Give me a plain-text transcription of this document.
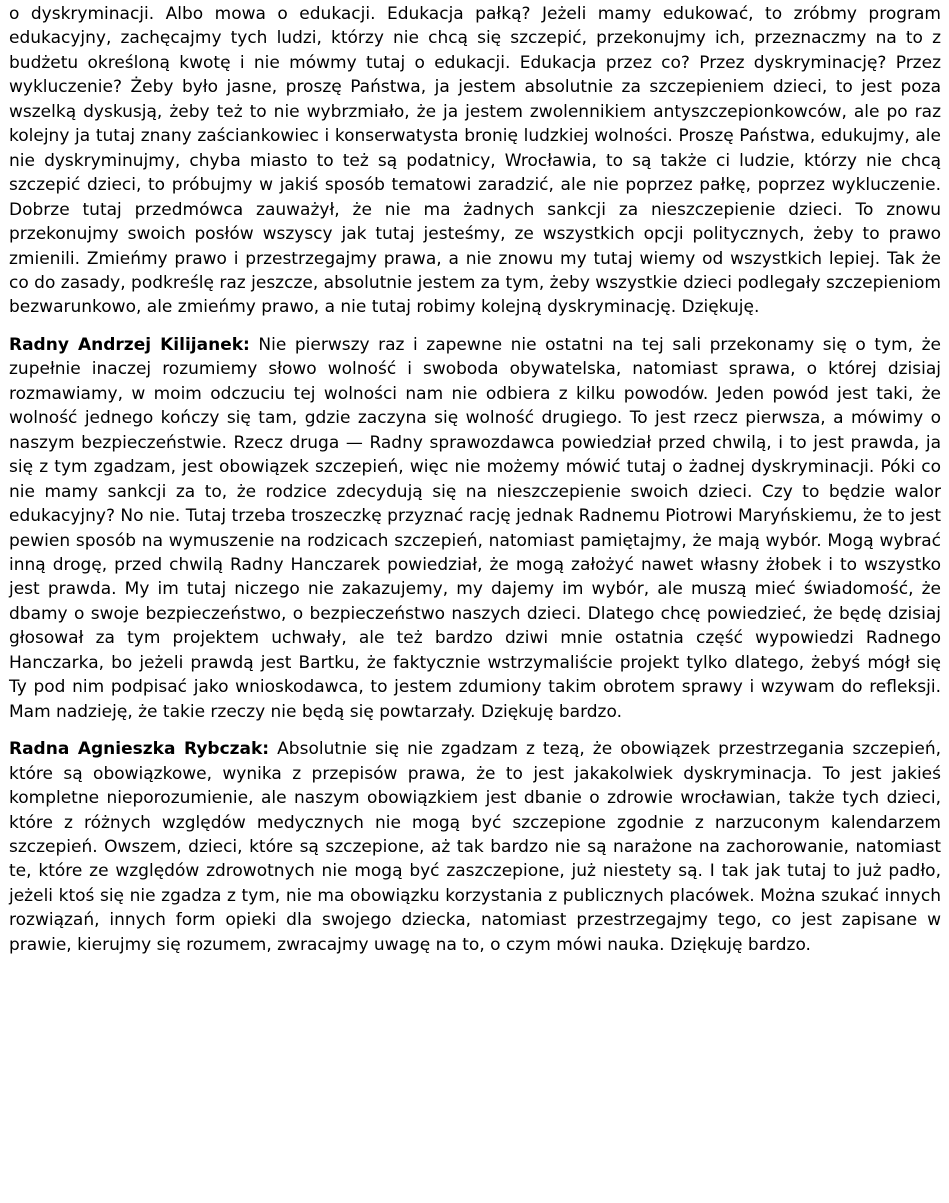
o dyskryminacji. Albo mowa o edukacji. Edukacja pałką? Jeżeli mamy edukować, to zróbmy program edukacyjny, zachęcajmy tych ludzi, którzy nie chcą się szczepić, przekonujmy ich, przeznaczmy na to z budżetu określoną kwotę i nie mówmy tutaj o edukacji. Edukacja przez co? Przez dyskryminację? Przez wykluczenie? Żeby było jasne, proszę Państwa, ja jestem absolutnie za szczepieniem dzieci, to jest poza wszelką dyskusją, żeby też to nie wybrzmiało, że ja jestem zwolennikiem antyszczepionkowców, ale po raz kolejny ja tutaj znany zaściankowiec i konserwatysta bronię ludzkiej wolności. Proszę Państwa, edukujmy, ale nie dyskryminujmy, chyba miasto to też są podatnicy, Wrocławia, to są także ci ludzie, którzy nie chcą szczepić dzieci, to próbujmy w jakiś sposób tematowi zaradzić, ale nie poprzez pałkę, poprzez wykluczenie. Dobrze tutaj przedmówca zauważył, że nie ma żadnych sankcji za nieszczepienie dzieci. To znowu przekonujmy swoich posłów wszyscy jak tutaj jesteśmy, ze wszystkich opcji politycznych, żeby to prawo zmienili. Zmieńmy prawo i przestrzegajmy prawa, a nie znowu my tutaj wiemy od wszystkich lepiej. Tak że co do zasady, podkreślę raz jeszcze, absolutnie jestem za tym, żeby wszystkie dzieci podlegały szczepieniom bezwarunkowo, ale zmieńmy prawo, a nie tutaj robimy kolejną dyskryminację. Dziękuję.

Radny Andrzej Kilijanek: Nie pierwszy raz i zapewne nie ostatni na tej sali przekonamy się o tym, że zupełnie inaczej rozumiemy słowo wolność i swoboda obywatelska, natomiast sprawa, o której dzisiaj rozmawiamy, w moim odczuciu tej wolności nam nie odbiera z kilku powodów. Jeden powód jest taki, że wolność jednego kończy się tam, gdzie zaczyna się wolność drugiego. To jest rzecz pierwsza, a mówimy o naszym bezpieczeństwie. Rzecz druga — Radny sprawozdawca powiedział przed chwilą, i to jest prawda, ja się z tym zgadzam, jest obowiązek szczepień, więc nie możemy mówić tutaj o żadnej dyskryminacji. Póki co nie mamy sankcji za to, że rodzice zdecydują się na nieszczepienie swoich dzieci. Czy to będzie walor edukacyjny? No nie. Tutaj trzeba troszeczkę przyznać rację jednak Radnemu Piotrowi Maryńskiemu, że to jest pewien sposób na wymuszenie na rodzicach szczepień, natomiast pamiętajmy, że mają wybór. Mogą wybrać inną drogę, przed chwilą Radny Hanczarek powiedział, że mogą założyć nawet własny żłobek i to wszystko jest prawda. My im tutaj niczego nie zakazujemy, my dajemy im wybór, ale muszą mieć świadomość, że dbamy o swoje bezpieczeństwo, o bezpieczeństwo naszych dzieci. Dlatego chcę powiedzieć, że będę dzisiaj głosował za tym projektem uchwały, ale też bardzo dziwi mnie ostatnia część wypowiedzi Radnego Hanczarka, bo jeżeli prawdą jest Bartku, że faktycznie wstrzymaliście projekt tylko dlatego, żebyś mógł się Ty pod nim podpisać jako wnioskodawca, to jestem zdumiony takim obrotem sprawy i wzywam do refleksji. Mam nadzieję, że takie rzeczy nie będą się powtarzały. Dziękuję bardzo.

Radna Agnieszka Rybczak: Absolutnie się nie zgadzam z tezą, że obowiązek przestrzegania szczepień, które są obowiązkowe, wynika z przepisów prawa, że to jest jakakolwiek dyskryminacja. To jest jakieś kompletne nieporozumienie, ale naszym obowiązkiem jest dbanie o zdrowie wrocławian, także tych dzieci, które z różnych względów medycznych nie mogą być szczepione zgodnie z narzuconym kalendarzem szczepień. Owszem, dzieci, które są szczepione, aż tak bardzo nie są narażone na zachorowanie, natomiast te, które ze względów zdrowotnych nie mogą być zaszczepione, już niestety są. I tak jak tutaj to już padło, jeżeli ktoś się nie zgadza z tym, nie ma obowiązku korzystania z publicznych placówek. Można szukać innych rozwiązań, innych form opieki dla swojego dziecka, natomiast przestrzegajmy tego, co jest zapisane w prawie, kierujmy się rozumem, zwracajmy uwagę na to, o czym mówi nauka. Dziękuję bardzo.
